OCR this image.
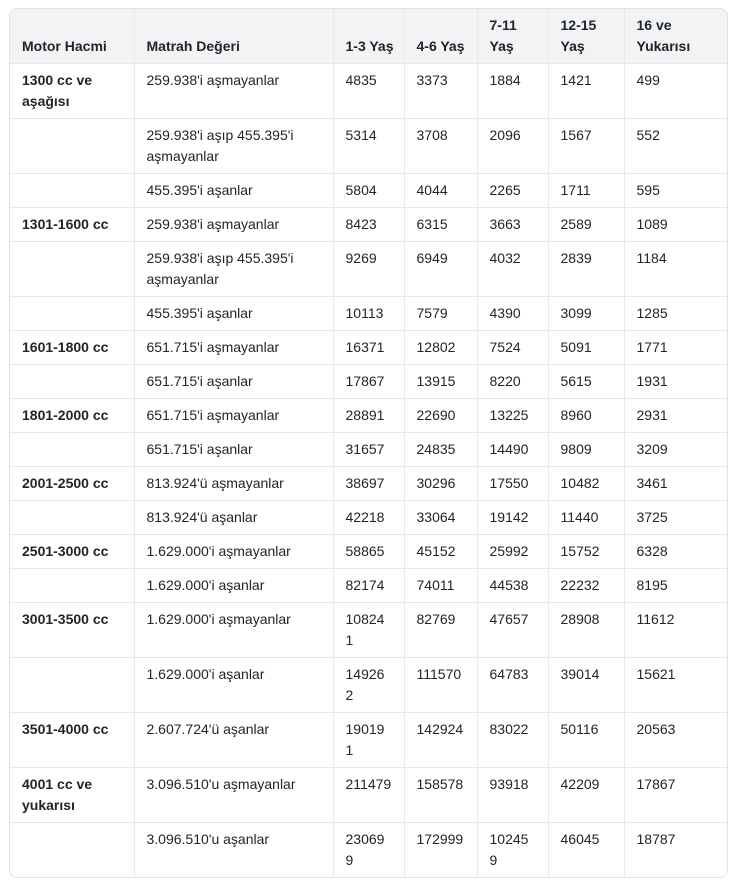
Motor Hacmi	Matrah Değeri	1-3 Yaş	4-6 Yaş	7-11 Yaş	12-15 Yaş	16 ve Yukarısı
1300 cc ve aşağısı	259.938'i aşmayanlar	4835	3373	1884	1421	499
	259.938'i aşıp 455.395'i aşmayanlar	5314	3708	2096	1567	552
	455.395'i aşanlar	5804	4044	2265	1711	595
1301-1600 cc	259.938'i aşmayanlar	8423	6315	3663	2589	1089
	259.938'i aşıp 455.395'i aşmayanlar	9269	6949	4032	2839	1184
	455.395'i aşanlar	10113	7579	4390	3099	1285
1601-1800 cc	651.715'i aşmayanlar	16371	12802	7524	5091	1771
	651.715'i aşanlar	17867	13915	8220	5615	1931
1801-2000 cc	651.715'i aşmayanlar	28891	22690	13225	8960	2931
	651.715'i aşanlar	31657	24835	14490	9809	3209
2001-2500 cc	813.924'ü aşmayanlar	38697	30296	17550	10482	3461
	813.924'ü aşanlar	42218	33064	19142	11440	3725
2501-3000 cc	1.629.000'i aşmayanlar	58865	45152	25992	15752	6328
	1.629.000'i aşanlar	82174	74011	44538	22232	8195
3001-3500 cc	1.629.000'i aşmayanlar	108241	82769	47657	28908	11612
	1.629.000'i aşanlar	149262	111570	64783	39014	15621
3501-4000 cc	2.607.724'ü aşanlar	190191	142924	83022	50116	20563
4001 cc ve yukarısı	3.096.510'u aşmayanlar	211479	158578	93918	42209	17867
	3.096.510'u aşanlar	230699	172999	102459	46045	18787
